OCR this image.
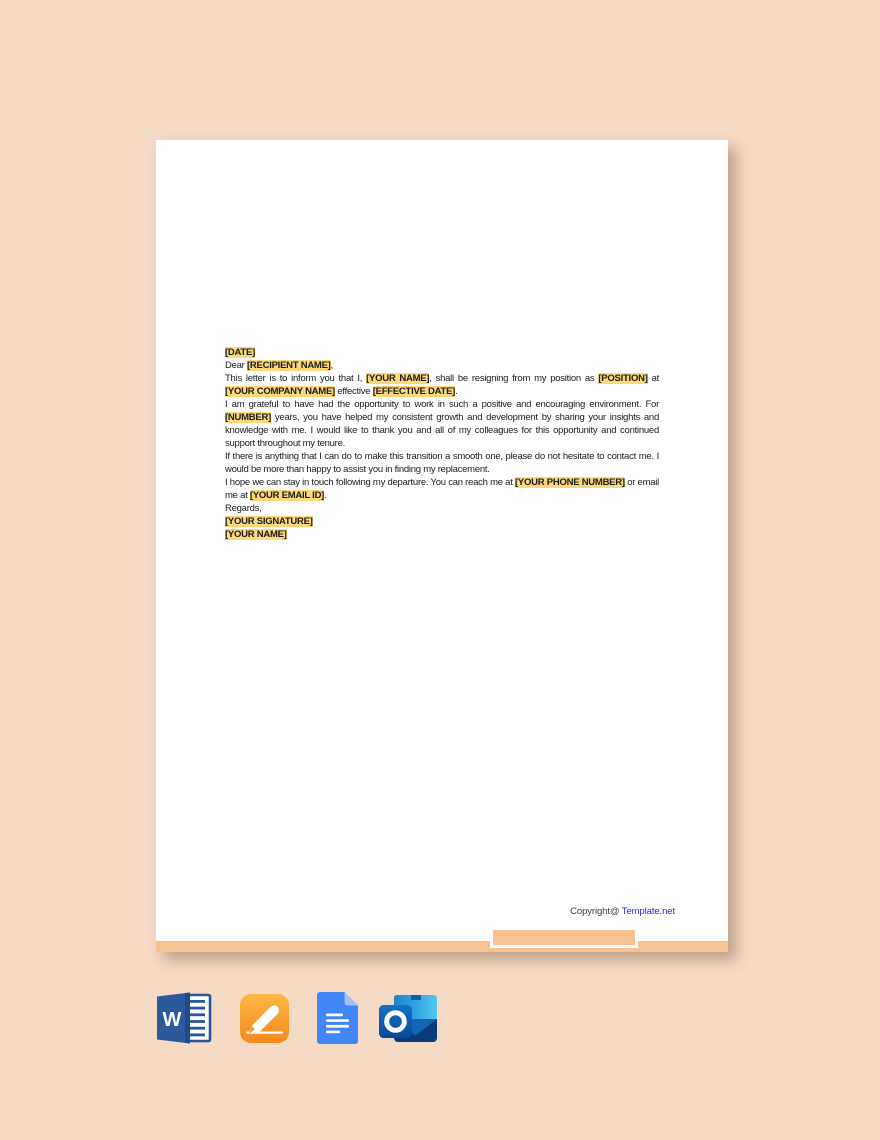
[DATE]

Dear [RECIPIENT NAME],

This letter is to inform you that I, [YOUR NAME], shall be resigning from my position as [POSITION] at [YOUR COMPANY NAME] effective [EFFECTIVE DATE].

I am grateful to have had the opportunity to work in such a positive and encouraging environment. For [NUMBER] years, you have helped my consistent growth and development by sharing your insights and knowledge with me. I would like to thank you and all of my colleagues for this opportunity and continued support throughout my tenure.

If there is anything that I can do to make this transition a smooth one, please do not hesitate to contact me. I would be more than happy to assist you in finding my replacement.

I hope we can stay in touch following my departure. You can reach me at [YOUR PHONE NUMBER] or email me at [YOUR EMAIL ID].

Regards,

[YOUR SIGNATURE]

[YOUR NAME]

Copyright@ Template.net
W
